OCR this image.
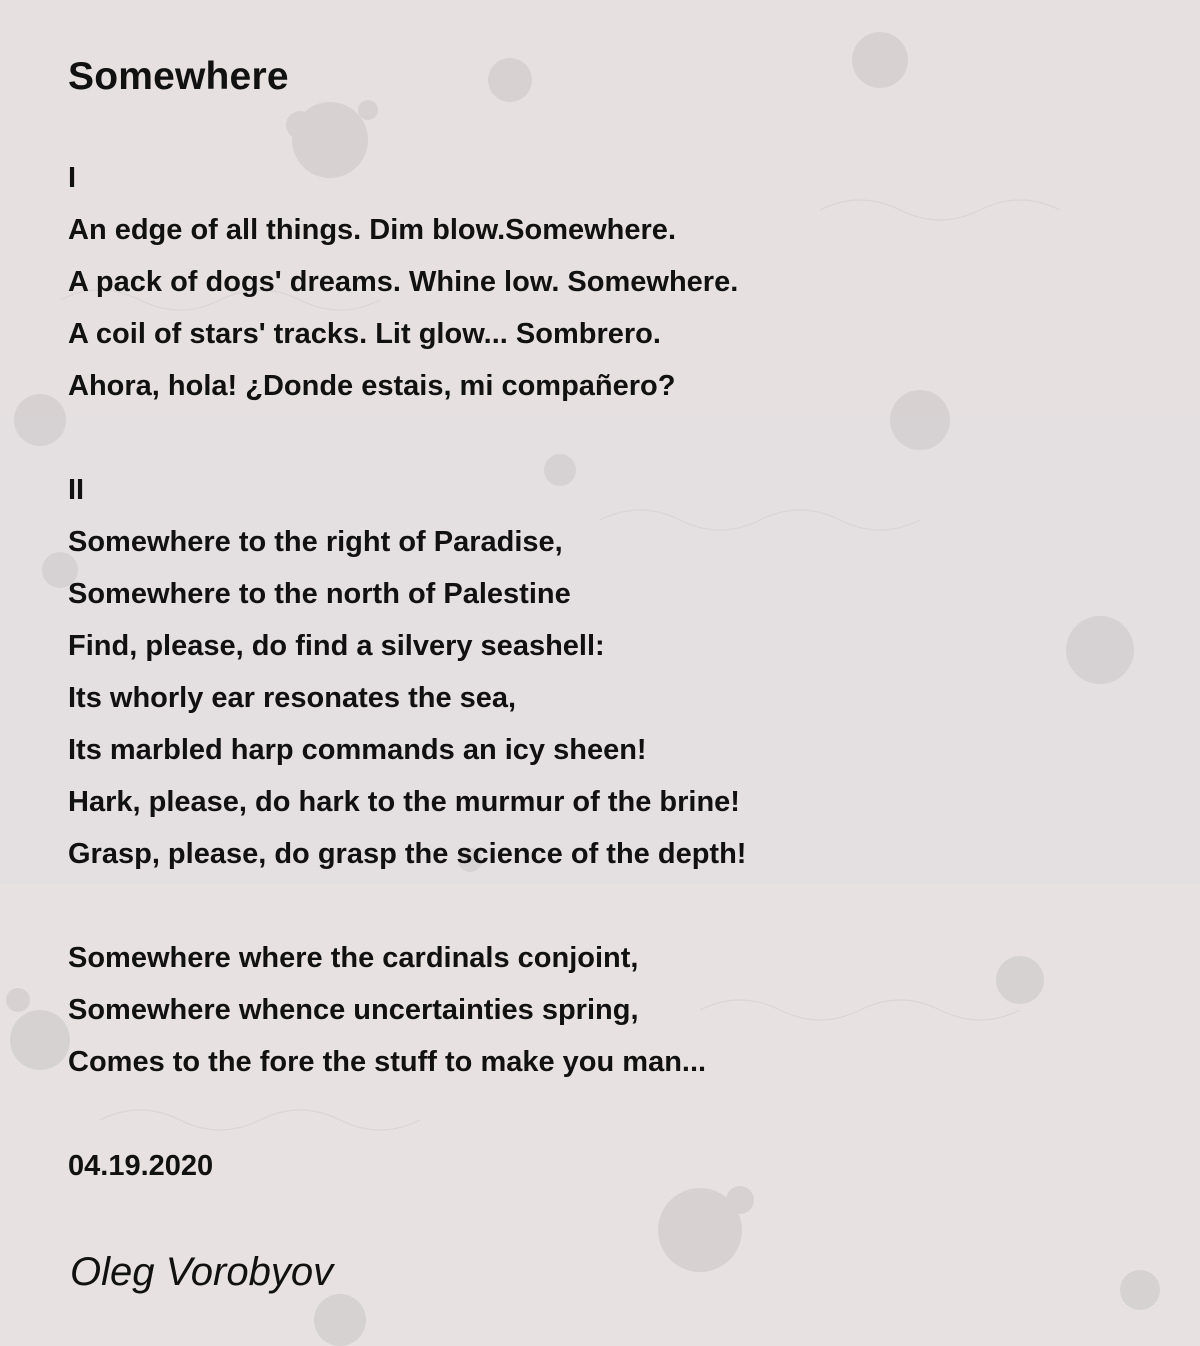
Somewhere
I
An edge of all things. Dim blow.Somewhere.
A pack of dogs' dreams. Whine low. Somewhere.
A coil of stars' tracks. Lit glow... Sombrero.
Ahora, hola! ¿Donde estais, mi compañero?
II
Somewhere to the right of Paradise,
Somewhere to the north of Palestine
Find, please, do find a silvery seashell:
Its whorly ear resonates the sea,
Its marbled harp commands an icy sheen!
Hark, please, do hark to the murmur of the brine!
Grasp, please, do grasp the science of the depth!
Somewhere where the cardinals conjoint,
Somewhere whence uncertainties spring,
Comes to the fore the stuff to make you man...
04.19.2020
Oleg Vorobyov
